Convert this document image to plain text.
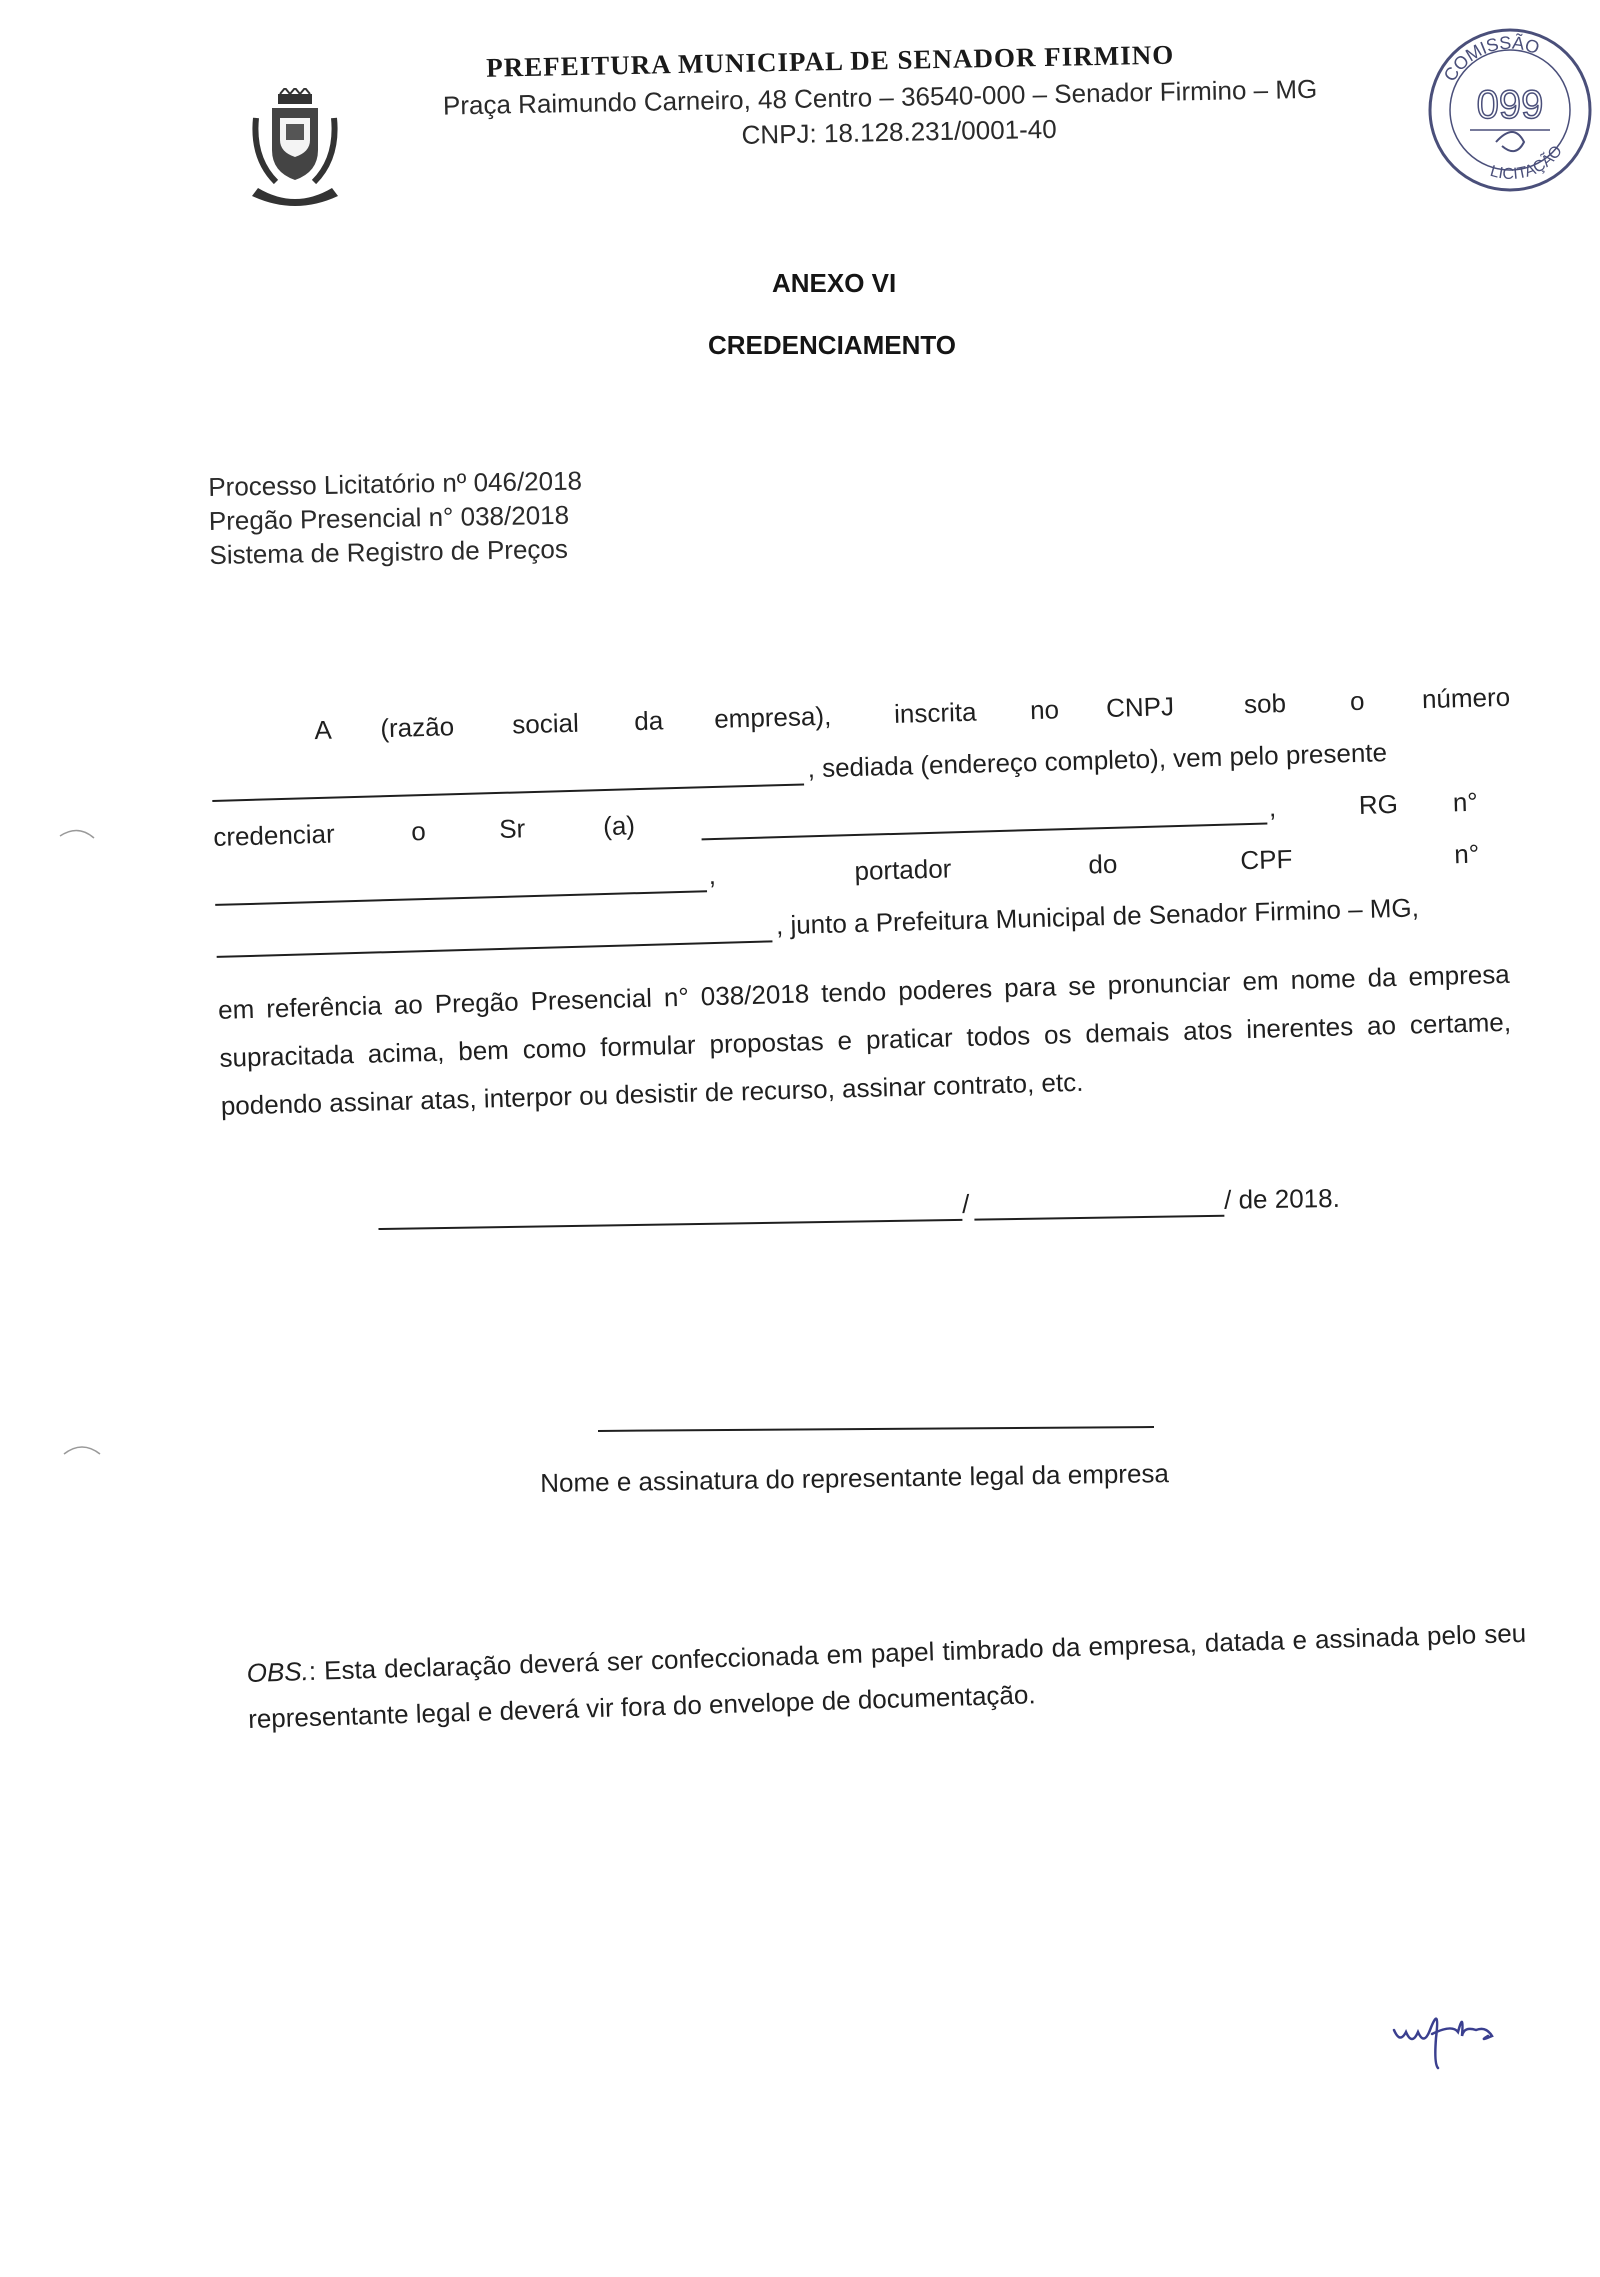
PREFEITURA MUNICIPAL DE SENADOR FIRMINO
Praça Raimundo Carneiro, 48 Centro – 36540-000 – Senador Firmino – MG
CNPJ: 18.128.231/0001-40
COMISSÃO
099
LICITAÇÃO
ANEXO VI
CREDENCIAMENTO
Processo Licitatório nº 046/2018
Pregão Presencial n° 038/2018
Sistema de Registro de Preços
A (razão social da empresa), inscrita no CNPJ	sob o número
, sediada (endereço completo), vem pelo presente
credenciar	o	Sr	(a)
,	RG n°
,	portador	do	CPF	n°
, junto a Prefeitura Municipal de Senador Firmino – MG,
em referência ao Pregão Presencial n° 038/2018 tendo poderes para se pronunciar em nome da empresa supracitada acima, bem como formular propostas e praticar todos os demais atos inerentes ao certame, podendo assinar atas, interpor ou desistir de recurso, assinar contrato, etc.
/	/ de 2018.
Nome e assinatura do representante legal da empresa
OBS.: Esta declaração deverá ser confeccionada em papel timbrado da empresa, datada e assinada pelo seu representante legal e deverá vir fora do envelope de documentação.
